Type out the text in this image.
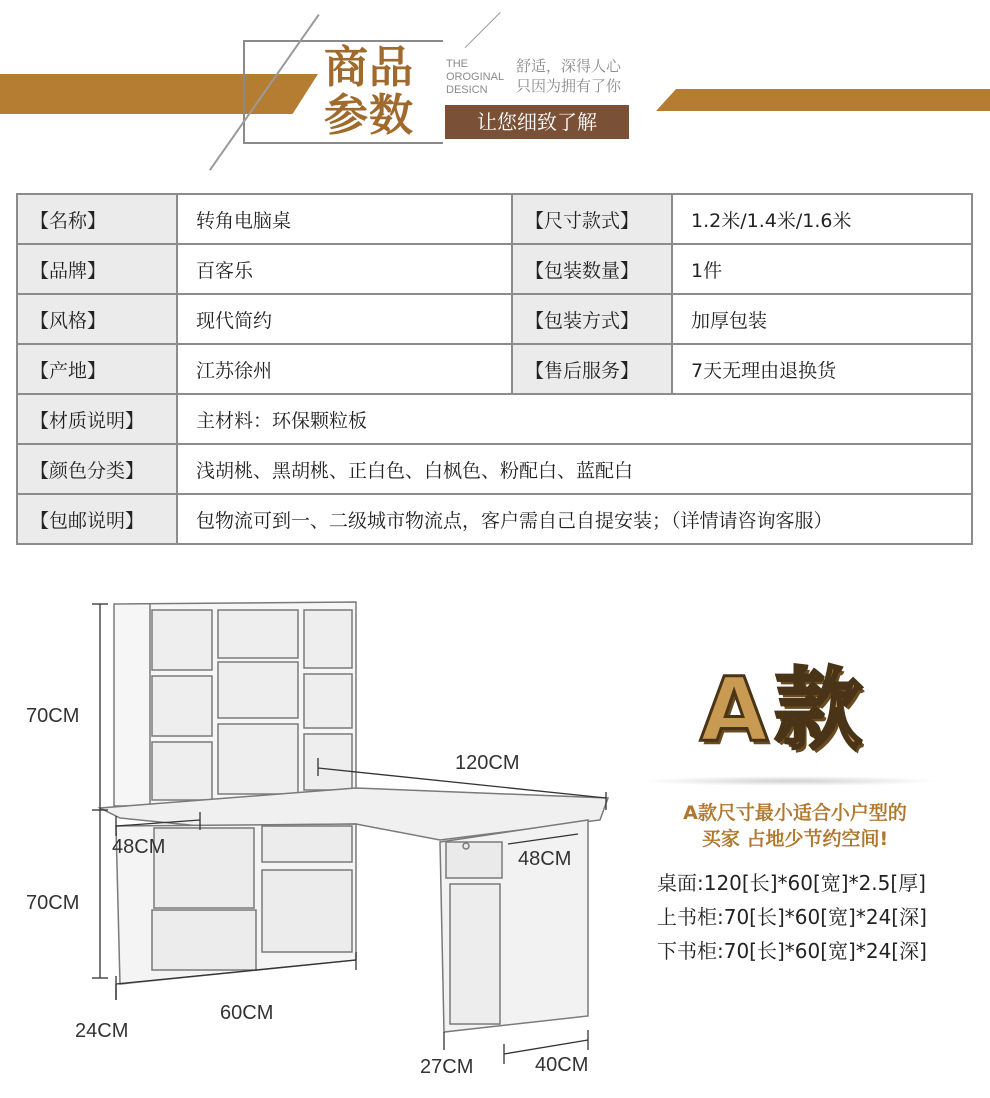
商品
参数
THE
OROGINAL
DESICN
舒适，深得人心
只因为拥有了你
让您细致了解
【名称】	转角电脑桌	【尺寸款式】	1.2米/1.4米/1.6米
【品牌】	百客乐	【包装数量】	1件
【风格】	现代简约	【包装方式】	加厚包装
【产地】	江苏徐州	【售后服务】	7天无理由退换货
【材质说明】	主材料：环保颗粒板		
【颜色分类】	浅胡桃、黑胡桃、正白色、白枫色、粉配白、蓝配白		
【包邮说明】	包物流可到一、二级城市物流点，客户需自己自提安装；（详情请咨询客服）		
70CM
70CM
120CM
48CM
48CM
60CM
24CM
27CM	40CM
A款
A款尺寸最小适合小户型的
买家 占地少节约空间!
桌面:120[长]*60[宽]*2.5[厚]
上书柜:70[长]*60[宽]*24[深]
下书柜:70[长]*60[宽]*24[深]
